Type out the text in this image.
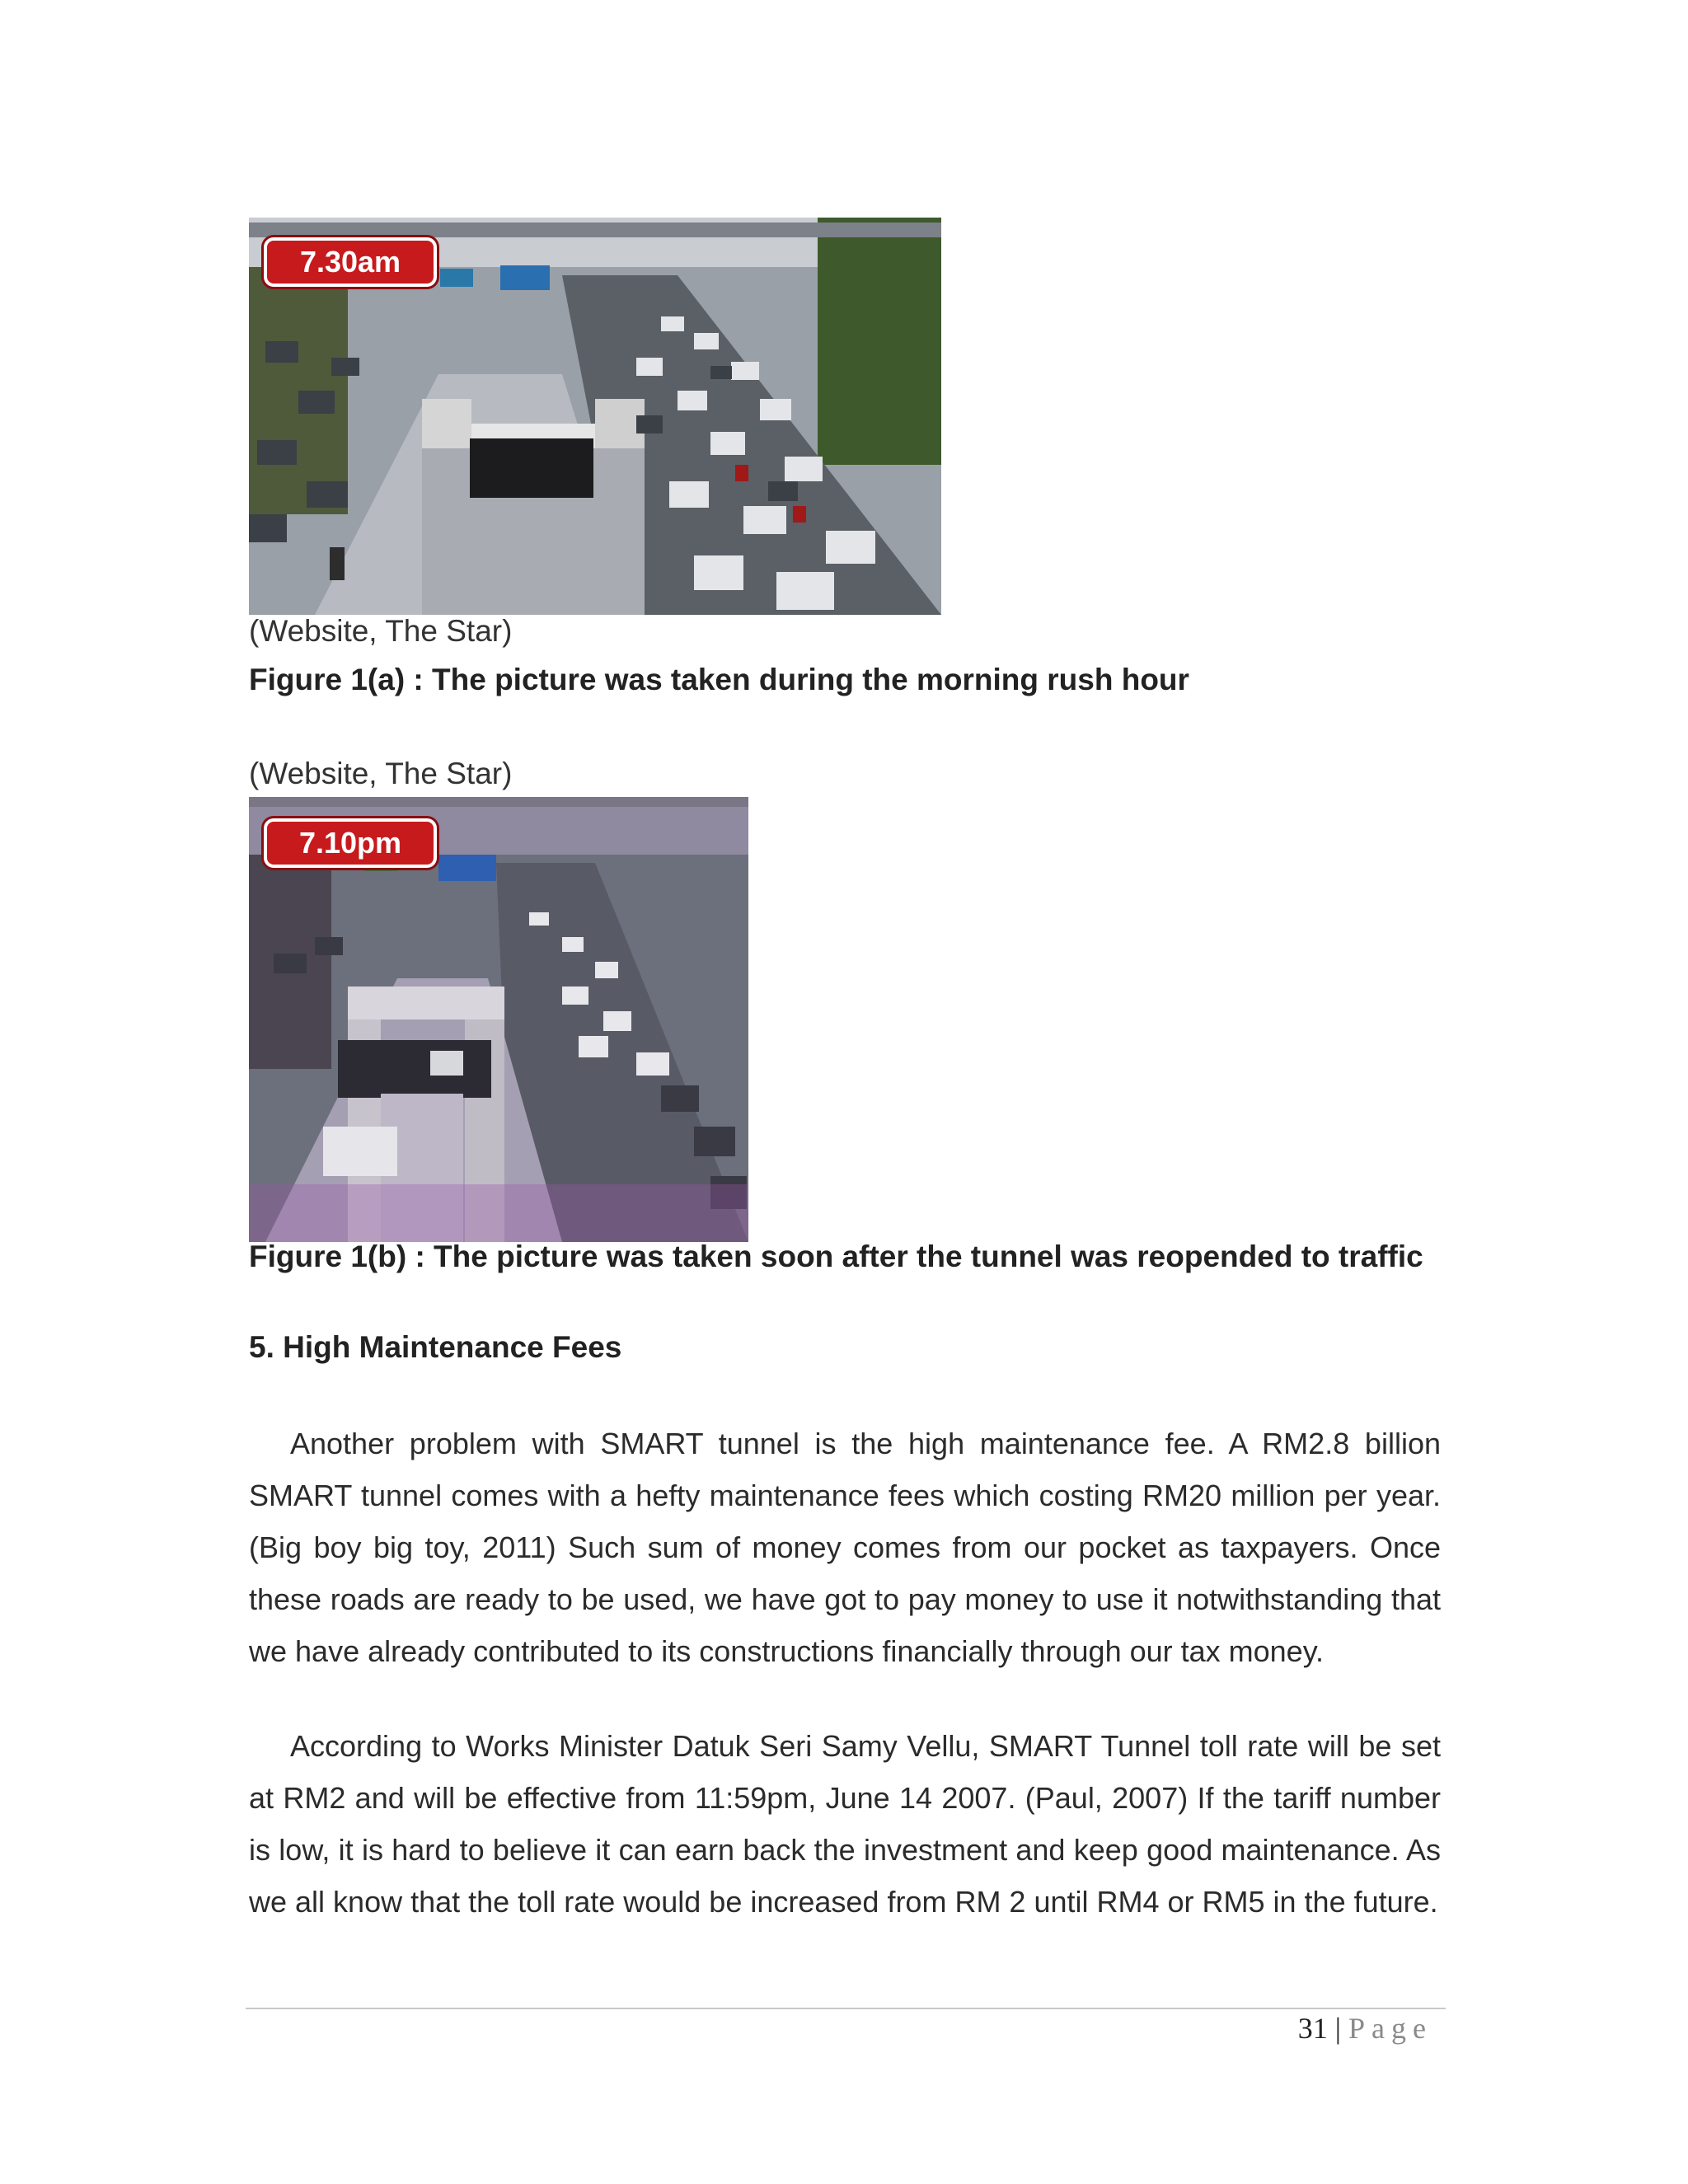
7.30am
(Website, The Star)
Figure 1(a) : The picture was taken during the morning rush hour
(Website, The Star)
7.10pm
Figure 1(b) : The picture was taken soon after the tunnel was reopended to traffic
5. High Maintenance Fees
Another problem with SMART tunnel is the high maintenance fee. A RM2.8 billion SMART tunnel comes with a hefty maintenance fees which costing RM20 million per year. (Big boy big toy, 2011) Such sum of money comes from our pocket as taxpayers. Once these roads are ready to be used, we have got to pay money to use it notwithstanding that we have already contributed to its constructions financially through our tax money.
According to Works Minister Datuk Seri Samy Vellu, SMART Tunnel toll rate will be set at RM2 and will be effective from 11:59pm, June 14 2007. (Paul, 2007) If the tariff number is low, it is hard to believe it can earn back the investment and keep good maintenance. As we all know that the toll rate would be increased from RM 2 until RM4 or RM5 in the future.
31 | Page
